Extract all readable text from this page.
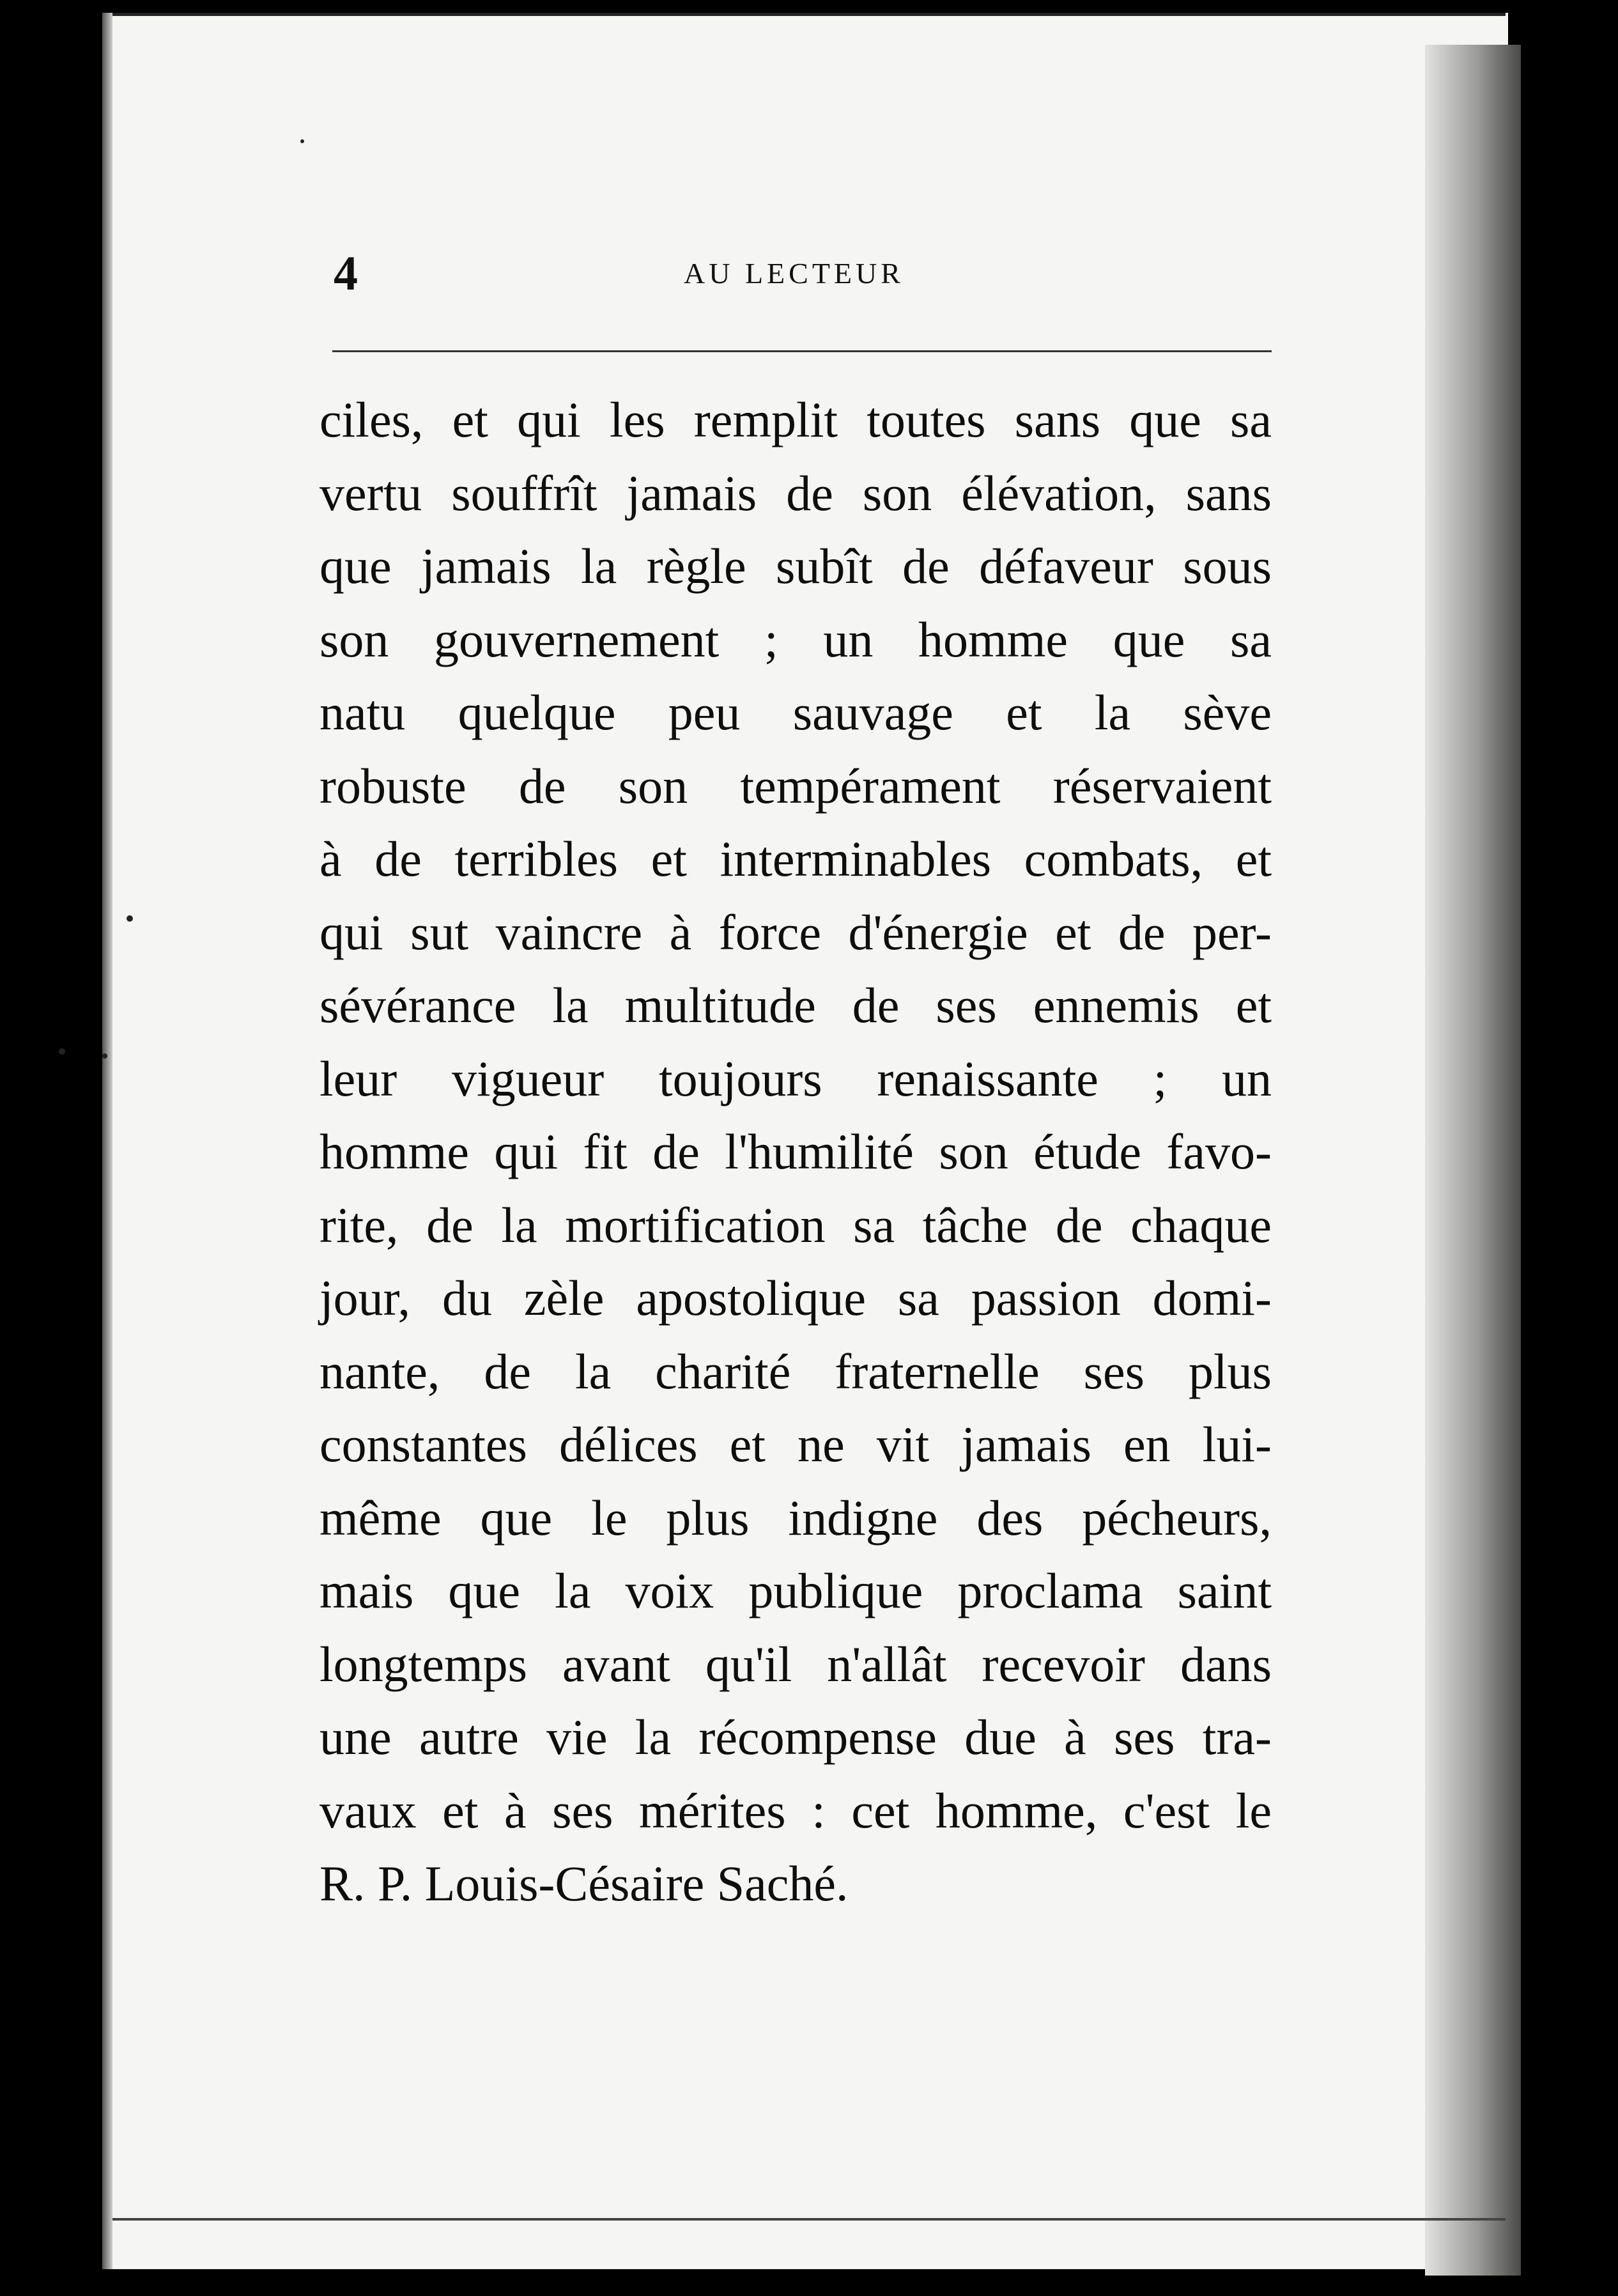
4	AU LECTEUR
ciles, et qui les remplit toutes sans que sa
vertu souffrît jamais de son élévation, sans
que jamais la règle subît de défaveur sous
son gouvernement ; un homme que sa
natu quelque peu sauvage et la sève
robuste de son tempérament réservaient
à de terribles et interminables combats, et
qui sut vaincre à force d'énergie et de per-
sévérance la multitude de ses ennemis et
leur vigueur toujours renaissante ; un
homme qui fit de l'humilité son étude favo-
rite, de la mortification sa tâche de chaque
jour, du zèle apostolique sa passion domi-
nante, de la charité fraternelle ses plus
constantes délices et ne vit jamais en lui-
même que le plus indigne des pécheurs,
mais que la voix publique proclama saint
longtemps avant qu'il n'allât recevoir dans
une autre vie la récompense due à ses tra-
vaux et à ses mérites : cet homme, c'est le
R. P. Louis-Césaire Saché.
